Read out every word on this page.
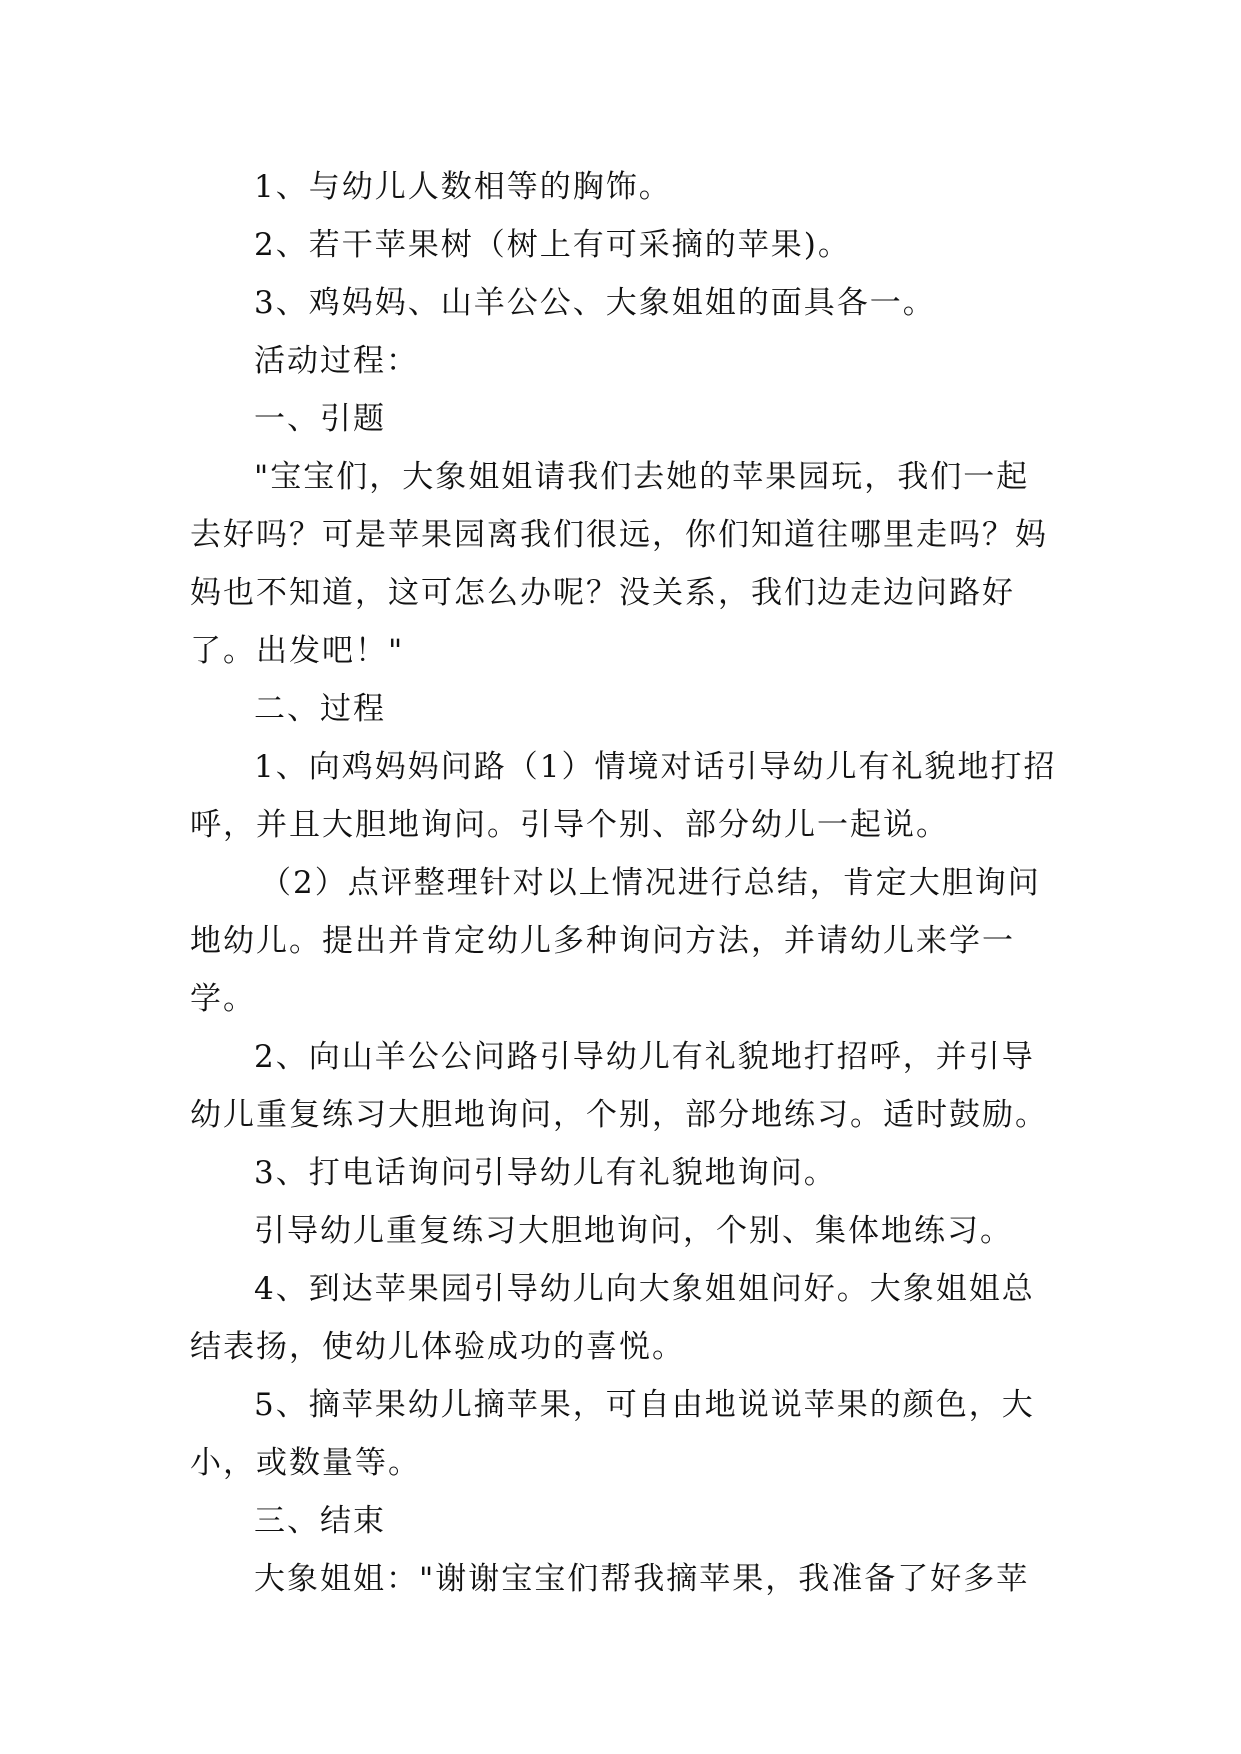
1、与幼儿人数相等的胸饰。

2、若干苹果树（树上有可采摘的苹果)。

3、鸡妈妈、山羊公公、大象姐姐的面具各一。

活动过程：

一、引题

"宝宝们，大象姐姐请我们去她的苹果园玩，我们一起去好吗？可是苹果园离我们很远，你们知道往哪里走吗？妈妈也不知道，这可怎么办呢？没关系，我们边走边问路好了。出发吧！"

二、过程

1、向鸡妈妈问路（1）情境对话引导幼儿有礼貌地打招呼，并且大胆地询问。引导个别、部分幼儿一起说。

（2）点评整理针对以上情况进行总结，肯定大胆询问地幼儿。提出并肯定幼儿多种询问方法，并请幼儿来学一学。

2、向山羊公公问路引导幼儿有礼貌地打招呼，并引导幼儿重复练习大胆地询问，个别，部分地练习。适时鼓励。

3、打电话询问引导幼儿有礼貌地询问。

引导幼儿重复练习大胆地询问，个别、集体地练习。

4、到达苹果园引导幼儿向大象姐姐问好。大象姐姐总结表扬，使幼儿体验成功的喜悦。

5、摘苹果幼儿摘苹果，可自由地说说苹果的颜色，大小，或数量等。

三、结束

大象姐姐："谢谢宝宝们帮我摘苹果，我准备了好多苹
